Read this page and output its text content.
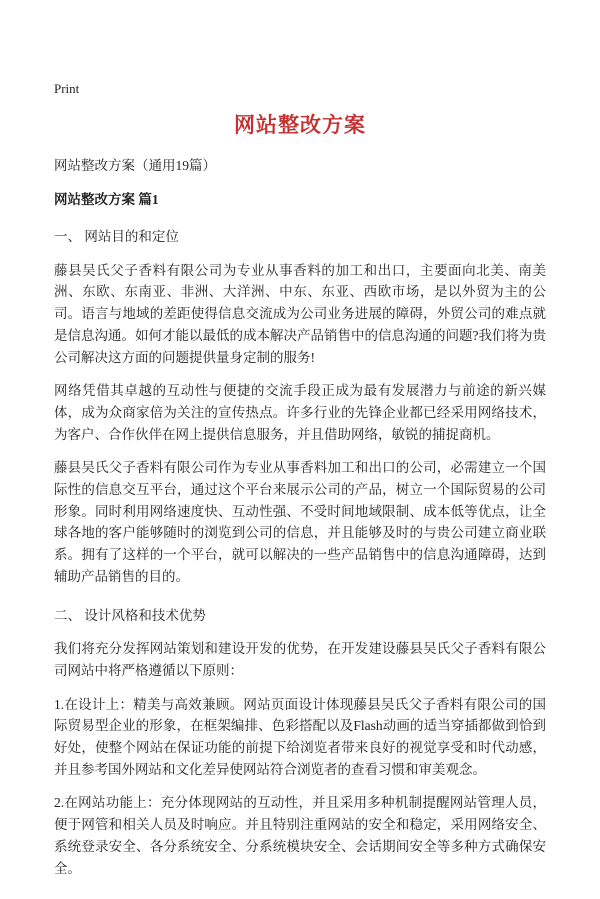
Print
网站整改方案

网站整改方案（通用19篇）

网站整改方案 篇1

一、 网站目的和定位

藤县吴氏父子香料有限公司为专业从事香料的加工和出口，主要面向北美、南美洲、东欧、东南亚、非洲、大洋洲、中东、东亚、西欧市场，是以外贸为主的公司。语言与地域的差距使得信息交流成为公司业务进展的障碍，外贸公司的难点就是信息沟通。如何才能以最低的成本解决产品销售中的信息沟通的问题?我们将为贵公司解决这方面的问题提供量身定制的服务!

网络凭借其卓越的互动性与便捷的交流手段正成为最有发展潜力与前途的新兴媒体，成为众商家倍为关注的宣传热点。许多行业的先锋企业都已经采用网络技术，为客户、合作伙伴在网上提供信息服务，并且借助网络，敏锐的捕捉商机。

藤县吴氏父子香料有限公司作为专业从事香料加工和出口的公司，必需建立一个国际性的信息交互平台，通过这个平台来展示公司的产品，树立一个国际贸易的公司形象。同时利用网络速度快、互动性强、不受时间地域限制、成本低等优点，让全球各地的客户能够随时的浏览到公司的信息，并且能够及时的与贵公司建立商业联系。拥有了这样的一个平台，就可以解决的一些产品销售中的信息沟通障碍，达到辅助产品销售的目的。

二、 设计风格和技术优势

我们将充分发挥网站策划和建设开发的优势，在开发建设藤县吴氏父子香料有限公司网站中将严格遵循以下原则：

1.在设计上：精美与高效兼顾。网站页面设计体现藤县吴氏父子香料有限公司的国际贸易型企业的形象，在框架编排、色彩搭配以及Flash动画的适当穿插都做到恰到好处，使整个网站在保证功能的前提下给浏览者带来良好的视觉享受和时代动感，并且参考国外网站和文化差异使网站符合浏览者的查看习惯和审美观念。

2.在网站功能上：充分体现网站的互动性，并且采用多种机制提醒网站管理人员，便于网管和相关人员及时响应。并且特别注重网站的安全和稳定，采用网络安全、系统登录安全、各分系统安全、分系统模块安全、会话期间安全等多种方式确保安全。
